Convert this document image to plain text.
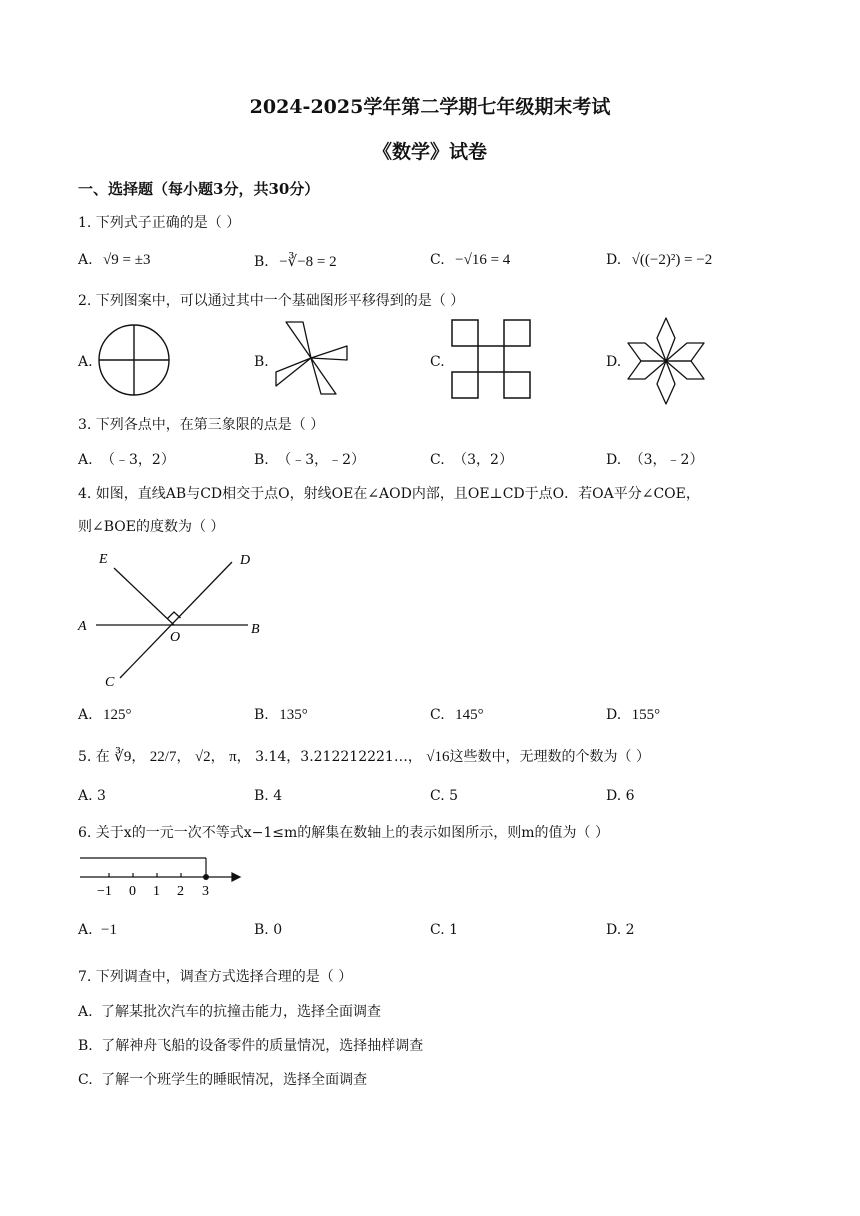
2024-2025学年第二学期七年级期末考试
《数学》试卷
一、选择题（每小题3分，共30分）
1. 下列式子正确的是（ ）
A. √9 = ±3	B. −∛−8 = 2	C. −√16 = 4	D. √((−2)²) = −2
2. 下列图案中，可以通过其中一个基础图形平移得到的是（ ）
A.	B.	C.	D.
3. 下列各点中，在第三象限的点是（ ）
A. （﹣3，2）	B. （﹣3，﹣2）	C. （3，2）	D. （3，﹣2）
4. 如图，直线AB与CD相交于点O，射线OE在∠AOD内部，且OE⊥CD于点O．若OA平分∠COE，
则∠BOE的度数为（ ）
E	D
A
O
B
C
A. 125°	B. 135°	C. 145°	D. 155°
5. 在 ∛9， 22/7， √2， π， 3.14，3.212212221…， √16这些数中，无理数的个数为（ ）
A. 3	B. 4	C. 5	D. 6
6. 关于x的一元一次不等式x−1≤m的解集在数轴上的表示如图所示，则m的值为（ ）
−1 0 1 2 3
A. −1	B. 0	C. 1	D. 2
7. 下列调查中，调查方式选择合理的是（ ）
A. 了解某批次汽车的抗撞击能力，选择全面调查
B. 了解神舟飞船的设备零件的质量情况，选择抽样调查
C. 了解一个班学生的睡眠情况，选择全面调查
